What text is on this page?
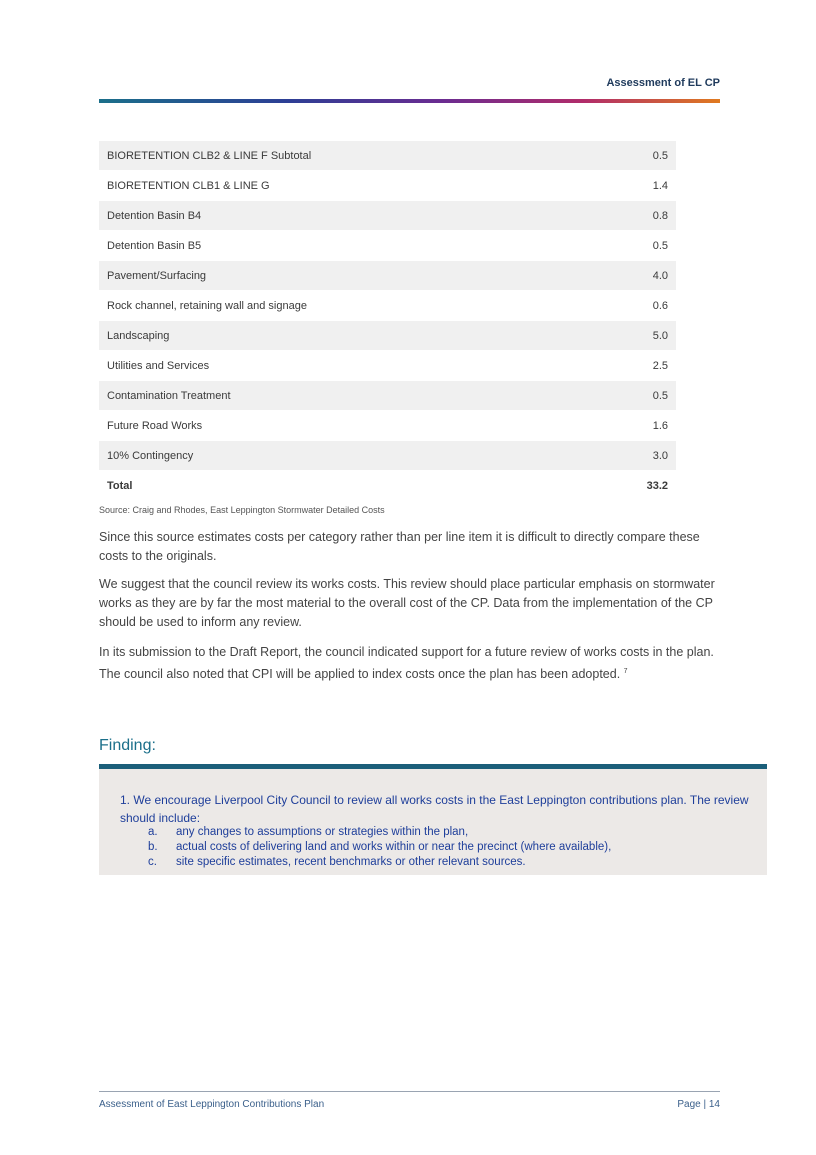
Assessment of EL CP
BIORETENTION CLB2 & LINE F Subtotal	0.5
BIORETENTION CLB1 & LINE G	1.4
Detention Basin B4	0.8
Detention Basin B5	0.5
Pavement/Surfacing	4.0
Rock channel, retaining wall and signage	0.6
Landscaping	5.0
Utilities and Services	2.5
Contamination Treatment	0.5
Future Road Works	1.6
10% Contingency	3.0
Total	33.2
Source: Craig and Rhodes, East Leppington Stormwater Detailed Costs

Since this source estimates costs per category rather than per line item it is difficult to directly compare these costs to the originals.

We suggest that the council review its works costs. This review should place particular emphasis on stormwater works as they are by far the most material to the overall cost of the CP. Data from the implementation of the CP should be used to inform any review.

In its submission to the Draft Report, the council indicated support for a future review of works costs in the plan. The council also noted that CPI will be applied to index costs once the plan has been adopted. $^7$

Finding:

1. We encourage Liverpool City Council to review all works costs in the East Leppington contributions plan. The review should include:

a. any changes to assumptions or strategies within the plan,
b. actual costs of delivering land and works within or near the precinct (where available),
c. site specific estimates, recent benchmarks or other relevant sources.
Assessment of East Leppington Contributions Plan	Page | 14
